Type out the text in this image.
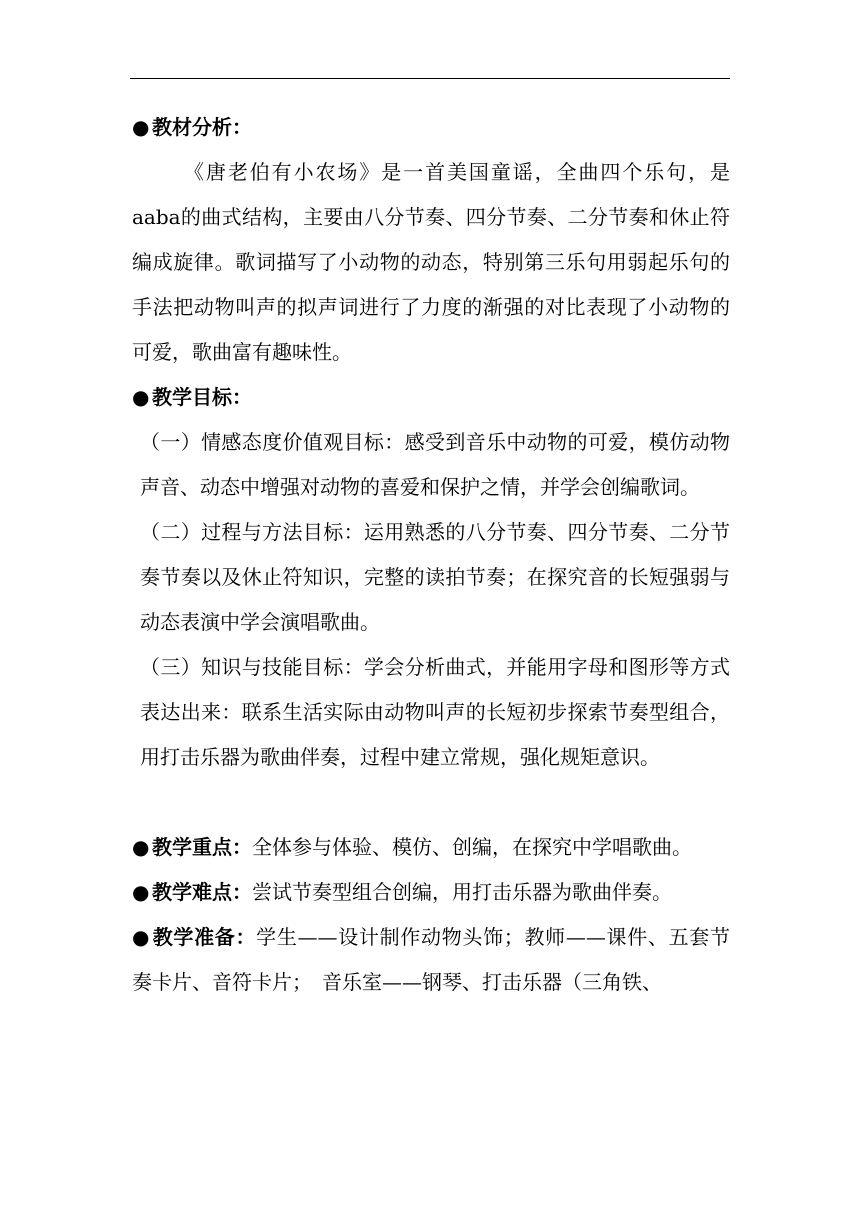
● 教材分析：

《唐老伯有小农场》是一首美国童谣，全曲四个乐句，是aaba的曲式结构，主要由八分节奏、四分节奏、二分节奏和休止符编成旋律。歌词描写了小动物的动态，特别第三乐句用弱起乐句的手法把动物叫声的拟声词进行了力度的渐强的对比表现了小动物的可爱，歌曲富有趣味性。

● 教学目标：

（一）情感态度价值观目标：感受到音乐中动物的可爱，模仿动物声音、动态中增强对动物的喜爱和保护之情，并学会创编歌词。

（二）过程与方法目标：运用熟悉的八分节奏、四分节奏、二分节奏节奏以及休止符知识，完整的读拍节奏；在探究音的长短强弱与动态表演中学会演唱歌曲。

（三）知识与技能目标：学会分析曲式，并能用字母和图形等方式表达出来：联系生活实际由动物叫声的长短初步探索节奏型组合，用打击乐器为歌曲伴奏，过程中建立常规，强化规矩意识。

● 教学重点：全体参与体验、模仿、创编，在探究中学唱歌曲。

● 教学难点：尝试节奏型组合创编，用打击乐器为歌曲伴奏。

● 教学准备：学生——设计制作动物头饰；教师——课件、五套节奏卡片、音符卡片；　音乐室——钢琴、打击乐器（三角铁、
